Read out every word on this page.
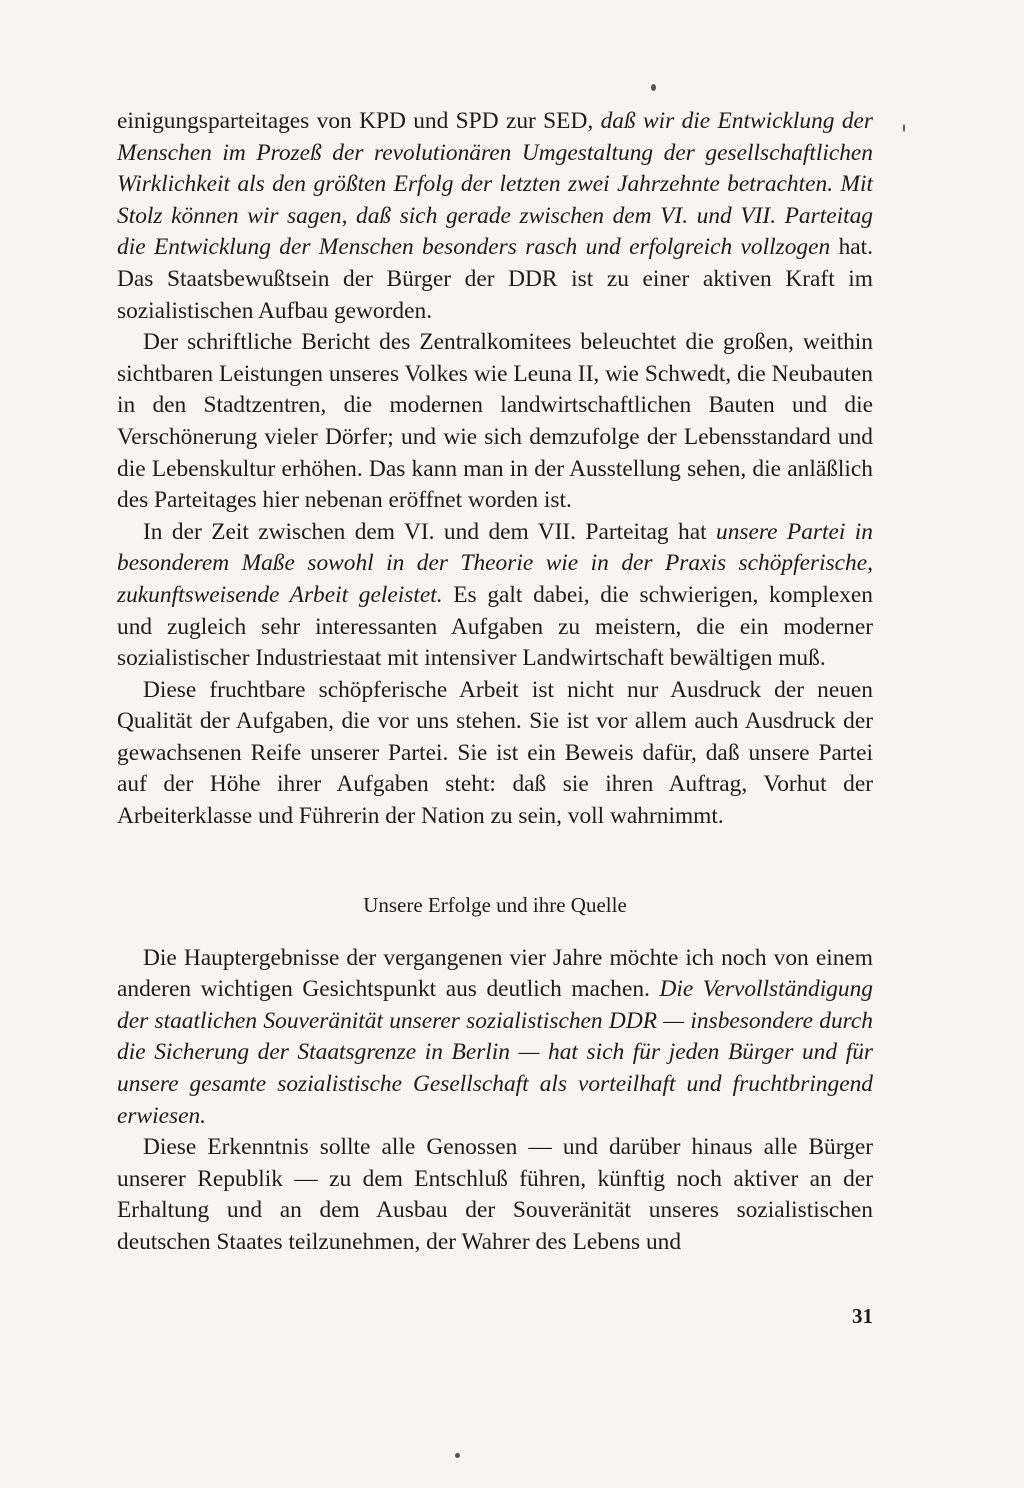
einigungsparteitages von KPD und SPD zur SED, daß wir die Entwicklung der Menschen im Prozeß der revolutionären Umgestaltung der gesellschaftlichen Wirklichkeit als den größten Erfolg der letzten zwei Jahrzehnte betrachten. Mit Stolz können wir sagen, daß sich gerade zwischen dem VI. und VII. Parteitag die Entwicklung der Menschen besonders rasch und erfolgreich vollzogen hat. Das Staatsbewußtsein der Bürger der DDR ist zu einer aktiven Kraft im sozialistischen Aufbau geworden.

Der schriftliche Bericht des Zentralkomitees beleuchtet die großen, weithin sichtbaren Leistungen unseres Volkes wie Leuna II, wie Schwedt, die Neubauten in den Stadtzentren, die modernen landwirtschaftlichen Bauten und die Verschönerung vieler Dörfer; und wie sich demzufolge der Lebensstandard und die Lebenskultur erhöhen. Das kann man in der Ausstellung sehen, die anläßlich des Parteitages hier nebenan eröffnet worden ist.

In der Zeit zwischen dem VI. und dem VII. Parteitag hat unsere Partei in besonderem Maße sowohl in der Theorie wie in der Praxis schöpferische, zukunftsweisende Arbeit geleistet. Es galt dabei, die schwierigen, komplexen und zugleich sehr interessanten Aufgaben zu meistern, die ein moderner sozialistischer Industriestaat mit intensiver Landwirtschaft bewältigen muß.

Diese fruchtbare schöpferische Arbeit ist nicht nur Ausdruck der neuen Qualität der Aufgaben, die vor uns stehen. Sie ist vor allem auch Ausdruck der gewachsenen Reife unserer Partei. Sie ist ein Beweis dafür, daß unsere Partei auf der Höhe ihrer Aufgaben steht: daß sie ihren Auftrag, Vorhut der Arbeiterklasse und Führerin der Nation zu sein, voll wahrnimmt.

Unsere Erfolge und ihre Quelle

Die Hauptergebnisse der vergangenen vier Jahre möchte ich noch von einem anderen wichtigen Gesichtspunkt aus deutlich machen. Die Vervollständigung der staatlichen Souveränität unserer sozialistischen DDR — insbesondere durch die Sicherung der Staatsgrenze in Berlin — hat sich für jeden Bürger und für unsere gesamte sozialistische Gesellschaft als vorteilhaft und fruchtbringend erwiesen.

Diese Erkenntnis sollte alle Genossen — und darüber hinaus alle Bürger unserer Republik — zu dem Entschluß führen, künftig noch aktiver an der Erhaltung und an dem Ausbau der Souveränität unseres sozialistischen deutschen Staates teilzunehmen, der Wahrer des Lebens und

31
